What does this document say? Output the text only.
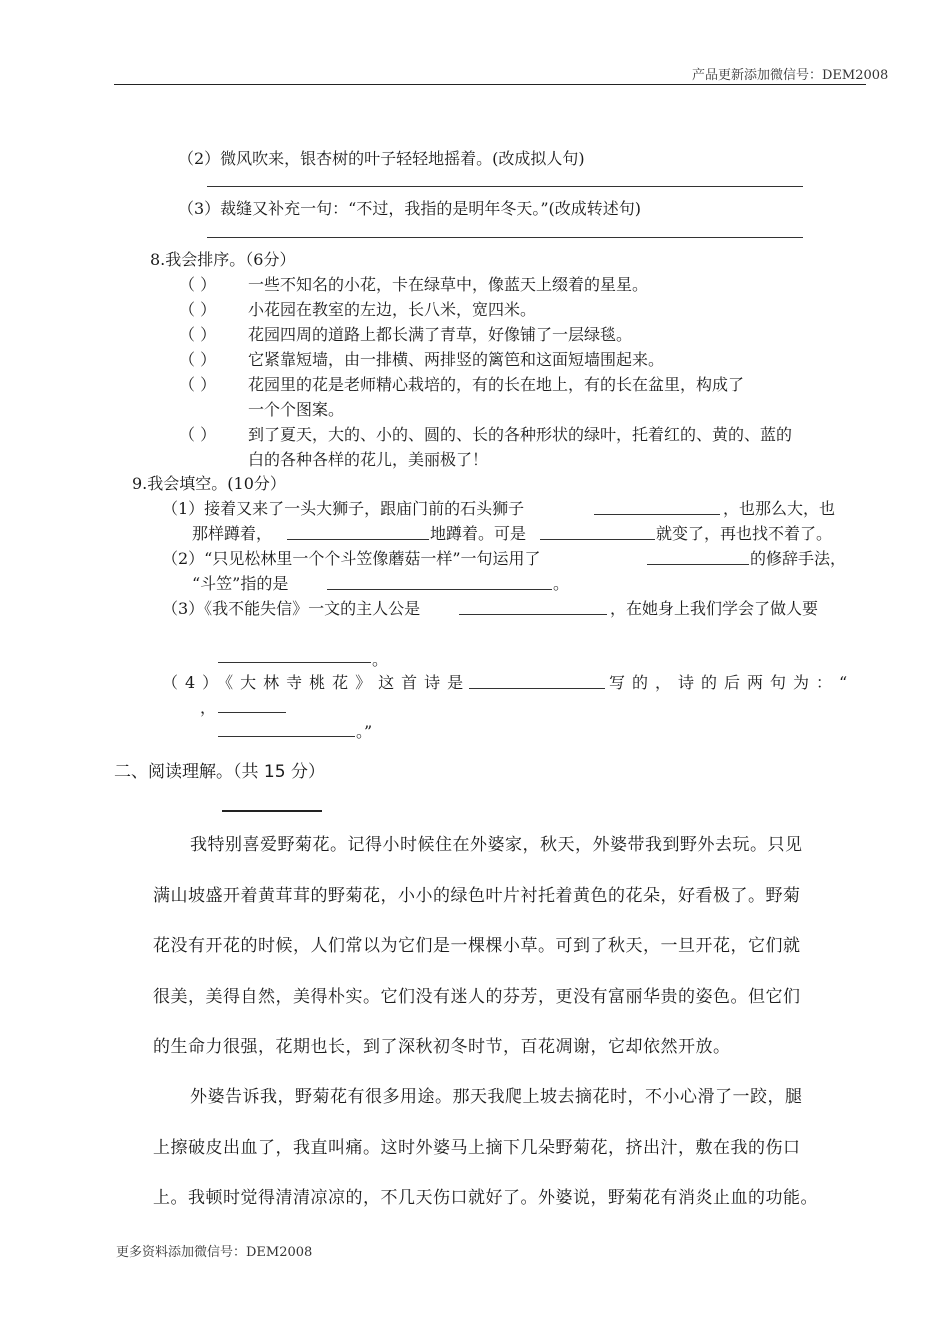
产品更新添加微信号：DEM2008
（2）微风吹来，银杏树的叶子轻轻地摇着。(改成拟人句)
（3）裁缝又补充一句：“不过，我指的是明年冬天。”(改成转述句)
8.我会排序。（6分）
（ ） 一些不知名的小花，卡在绿草中，像蓝天上缀着的星星。
（ ） 小花园在教室的左边，长八米，宽四米。
（ ） 花园四周的道路上都长满了青草，好像铺了一层绿毯。
（ ） 它紧靠短墙，由一排横、两排竖的篱笆和这面短墙围起来。
（ ） 花园里的花是老师精心栽培的，有的长在地上，有的长在盆里，构成了
一个个图案。
（ ） 到了夏天，大的、小的、圆的、长的各种形状的绿叶，托着红的、黄的、蓝的
白的各种各样的花儿，美丽极了！
9.我会填空。(10分）
（1）接着又来了一头大狮子，跟庙门前的石头狮子	，也那么大，也
那样蹲着，	地蹲着。可是	就变了，再也找不着了。
（2）“只见松林里一个个斗笠像蘑菇一样”一句运用了	的修辞手法，
“斗笠”指的是	。
（3）《我不能失信》一文的主人公是	，在她身上我们学会了做人要
。
（4）《大林寺桃花》这首诗是	写的，诗的后两句为：“
，
。”
二、阅读理解。（共 15 分）
我特别喜爱野菊花。记得小时候住在外婆家，秋天，外婆带我到野外去玩。只见
满山坡盛开着黄茸茸的野菊花，小小的绿色叶片衬托着黄色的花朵，好看极了。野菊
花没有开花的时候，人们常以为它们是一棵棵小草。可到了秋天，一旦开花，它们就
很美，美得自然，美得朴实。它们没有迷人的芬芳，更没有富丽华贵的姿色。但它们
的生命力很强，花期也长，到了深秋初冬时节，百花凋谢，它却依然开放。
外婆告诉我，野菊花有很多用途。那天我爬上坡去摘花时，不小心滑了一跤，腿
上擦破皮出血了，我直叫痛。这时外婆马上摘下几朵野菊花，挤出汁，敷在我的伤口
上。我顿时觉得清清凉凉的，不几天伤口就好了。外婆说，野菊花有消炎止血的功能。
更多资料添加微信号：DEM2008
